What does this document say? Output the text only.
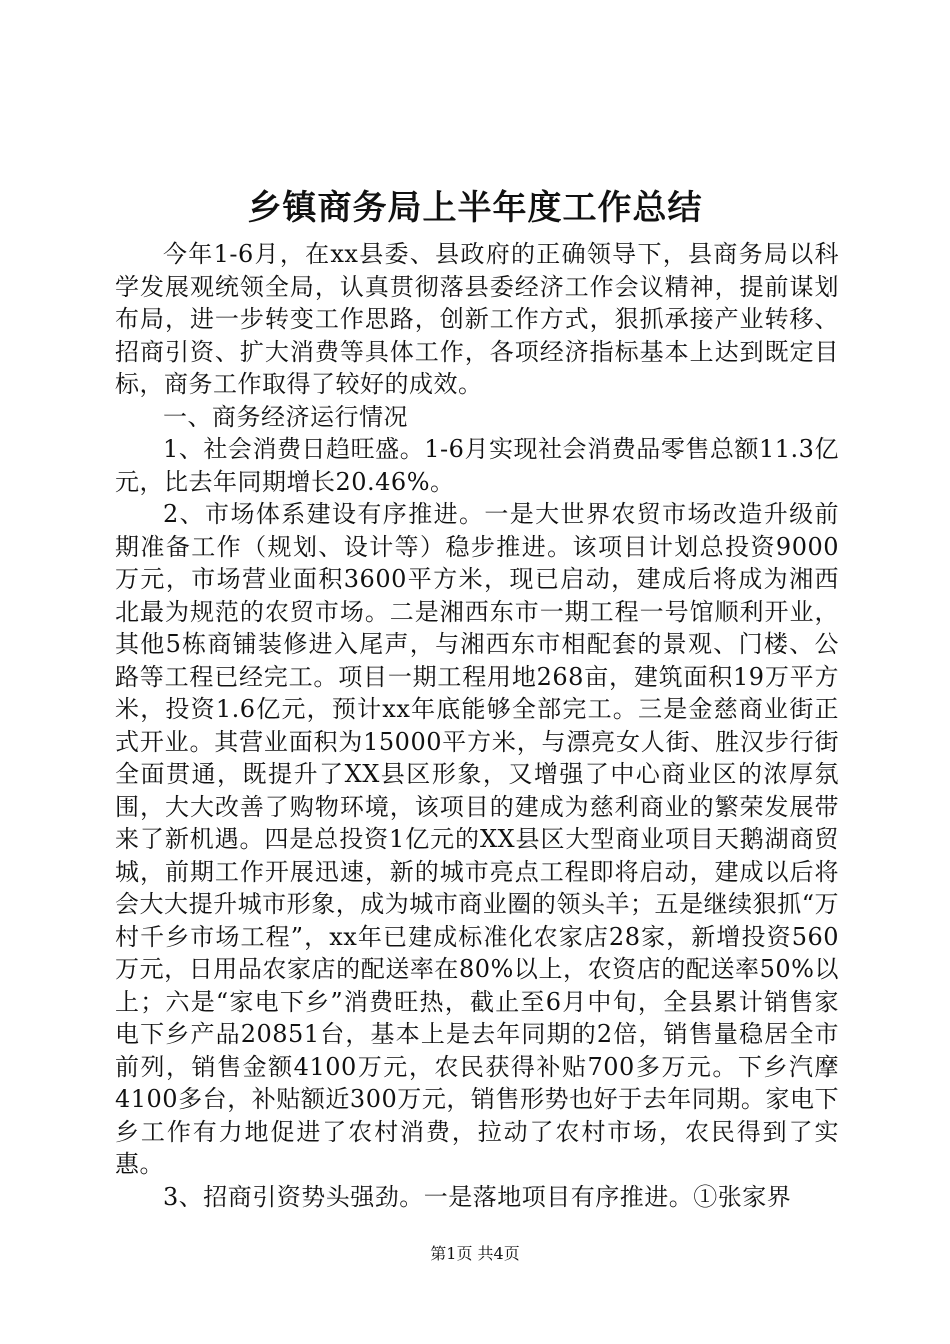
乡镇商务局上半年度工作总结

今年1-6月，在xx县委、县政府的正确领导下，县商务局以科学发展观统领全局，认真贯彻落县委经济工作会议精神，提前谋划布局，进一步转变工作思路，创新工作方式，狠抓承接产业转移、招商引资、扩大消费等具体工作，各项经济指标基本上达到既定目标，商务工作取得了较好的成效。

一、商务经济运行情况

1、社会消费日趋旺盛。1-6月实现社会消费品零售总额11.3亿元，比去年同期增长20.46%。

2、市场体系建设有序推进。一是大世界农贸市场改造升级前期准备工作（规划、设计等）稳步推进。该项目计划总投资9000万元，市场营业面积3600平方米，现已启动，建成后将成为湘西北最为规范的农贸市场。二是湘西东市一期工程一号馆顺利开业，其他5栋商铺装修进入尾声，与湘西东市相配套的景观、门楼、公路等工程已经完工。项目一期工程用地268亩，建筑面积19万平方米，投资1.6亿元，预计xx年底能够全部完工。三是金慈商业街正式开业。其营业面积为15000平方米，与漂亮女人街、胜汉步行街全面贯通，既提升了XX县区形象，又增强了中心商业区的浓厚氛围，大大改善了购物环境，该项目的建成为慈利商业的繁荣发展带来了新机遇。四是总投资1亿元的XX县区大型商业项目天鹅湖商贸城，前期工作开展迅速，新的城市亮点工程即将启动，建成以后将会大大提升城市形象，成为城市商业圈的领头羊；五是继续狠抓“万村千乡市场工程”，xx年已建成标准化农家店28家，新增投资560万元，日用品农家店的配送率在80%以上，农资店的配送率50%以上；六是“家电下乡”消费旺热，截止至6月中旬，全县累计销售家电下乡产品20851台，基本上是去年同期的2倍，销售量稳居全市前列，销售金额4100万元，农民获得补贴700多万元。下乡汽摩4100多台，补贴额近300万元，销售形势也好于去年同期。家电下乡工作有力地促进了农村消费，拉动了农村市场，农民得到了实惠。

3、招商引资势头强劲。一是落地项目有序推进。①张家界

第1页 共4页
